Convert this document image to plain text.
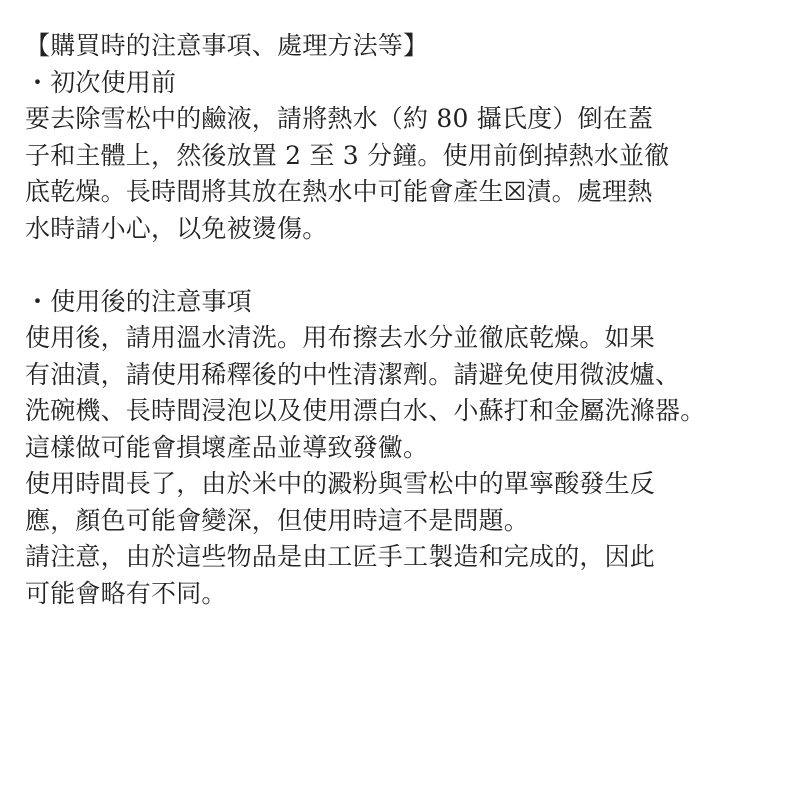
【購買時的注意事項、處理方法等】
・初次使用前
要去除雪松中的鹼液，請將熱水（約 80 攝氏度）倒在蓋
子和主體上，然後放置 2 至 3 分鐘。使用前倒掉熱水並徹
底乾燥。長時間將其放在熱水中可能會產生☒漬。處理熱
水時請小心，以免被燙傷。
・使用後的注意事項
使用後，請用溫水清洗。用布擦去水分並徹底乾燥。如果
有油漬，請使用稀釋後的中性清潔劑。請避免使用微波爐、
洗碗機、長時間浸泡以及使用漂白水、小蘇打和金屬洗滌器。
這樣做可能會損壞產品並導致發黴。
使用時間長了，由於米中的澱粉與雪松中的單寧酸發生反
應，顏色可能會變深，但使用時這不是問題。
請注意，由於這些物品是由工匠手工製造和完成的，因此
可能會略有不同。
